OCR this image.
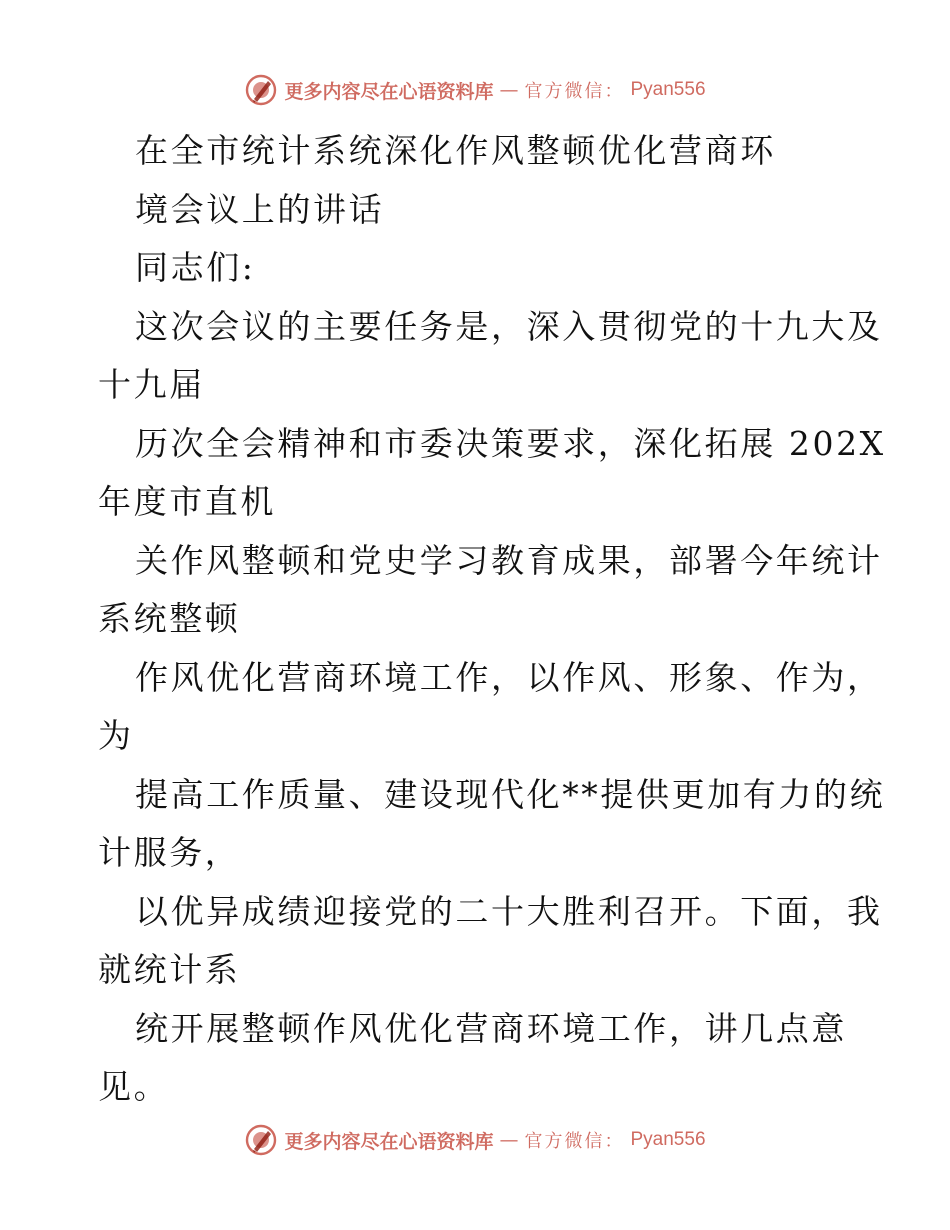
更多内容尽在心语资料库 — 官方微信： Pyan556
在全市统计系统深化作风整顿优化营商环
境会议上的讲话
同志们:
这次会议的主要任务是，深入贯彻党的十九大及
十九届
历次全会精神和市委决策要求，深化拓展 202X
年度市直机
关作风整顿和党史学习教育成果，部署今年统计
系统整顿
作风优化营商环境工作，以作风、形象、作为，
为
提高工作质量、建设现代化**提供更加有力的统
计服务，
以优异成绩迎接党的二十大胜利召开。下面，我
就统计系
统开展整顿作风优化营商环境工作，讲几点意
见。
更多内容尽在心语资料库 — 官方微信： Pyan556
